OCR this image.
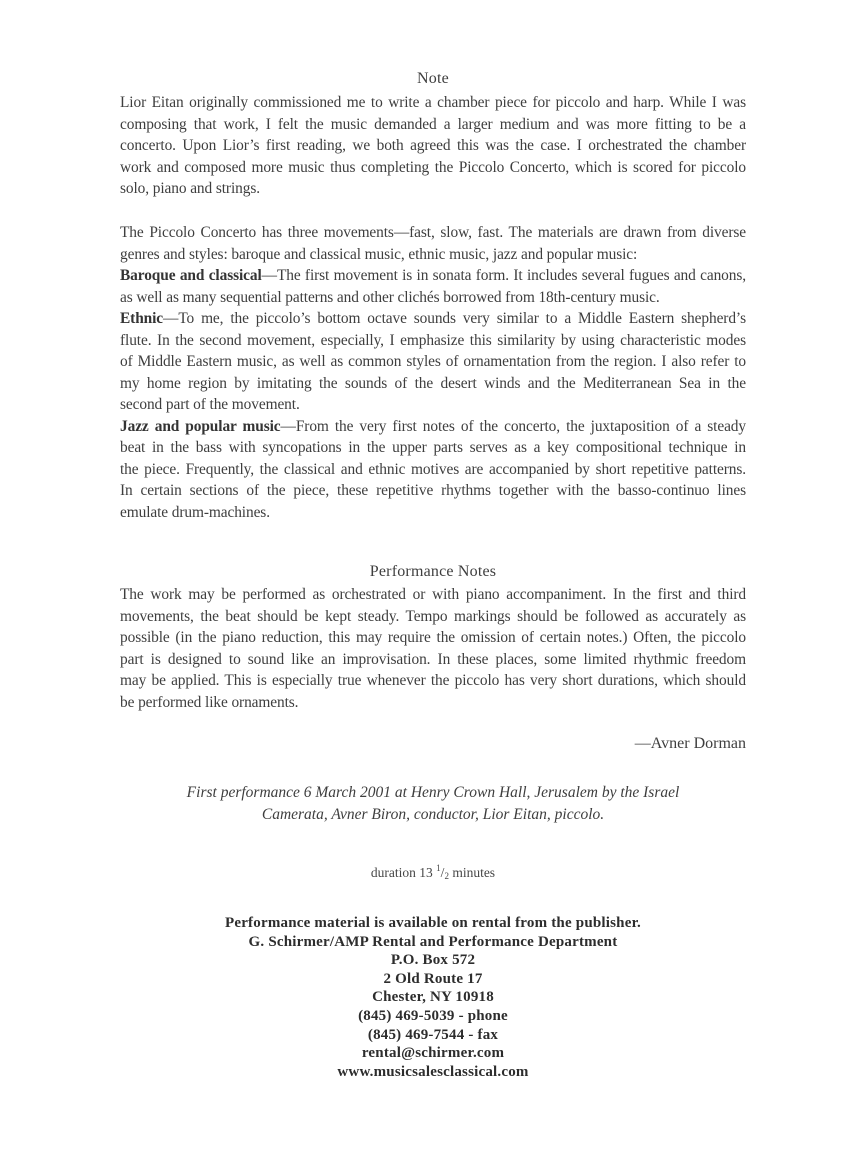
Note
Lior Eitan originally commissioned me to write a chamber piece for piccolo and harp. While I was
composing that work, I felt the music demanded a larger medium and was more fitting to be a
concerto. Upon Lior’s first reading, we both agreed this was the case. I orchestrated the chamber
work and composed more music thus completing the Piccolo Concerto, which is scored for piccolo
solo, piano and strings.
The Piccolo Concerto has three movements—fast, slow, fast. The materials are drawn from diverse
genres and styles: baroque and classical music, ethnic music, jazz and popular music:
Baroque and classical—The first movement is in sonata form. It includes several fugues and canons,
as well as many sequential patterns and other clichés borrowed from 18th-century music.
Ethnic—To me, the piccolo’s bottom octave sounds very similar to a Middle Eastern shepherd’s
flute. In the second movement, especially, I emphasize this similarity by using characteristic modes
of Middle Eastern music, as well as common styles of ornamentation from the region. I also refer to
my home region by imitating the sounds of the desert winds and the Mediterranean Sea in the
second part of the movement.
Jazz and popular music—From the very first notes of the concerto, the juxtaposition of a steady
beat in the bass with syncopations in the upper parts serves as a key compositional technique in
the piece. Frequently, the classical and ethnic motives are accompanied by short repetitive patterns.
In certain sections of the piece, these repetitive rhythms together with the basso-continuo lines
emulate drum-machines.
Performance Notes
The work may be performed as orchestrated or with piano accompaniment. In the first and third
movements, the beat should be kept steady. Tempo markings should be followed as accurately as
possible (in the piano reduction, this may require the omission of certain notes.) Often, the piccolo
part is designed to sound like an improvisation. In these places, some limited rhythmic freedom
may be applied. This is especially true whenever the piccolo has very short durations, which should
be performed like ornaments.
—Avner Dorman
First performance 6 March 2001 at Henry Crown Hall, Jerusalem by the Israel
Camerata, Avner Biron, conductor, Lior Eitan, piccolo.
duration 13 $^1/_2$ minutes
Performance material is available on rental from the publisher.
G. Schirmer/AMP Rental and Performance Department
P.O. Box 572
2 Old Route 17
Chester, NY 10918
(845) 469-5039 - phone
(845) 469-7544 - fax
rental@schirmer.com
www.musicsalesclassical.com
